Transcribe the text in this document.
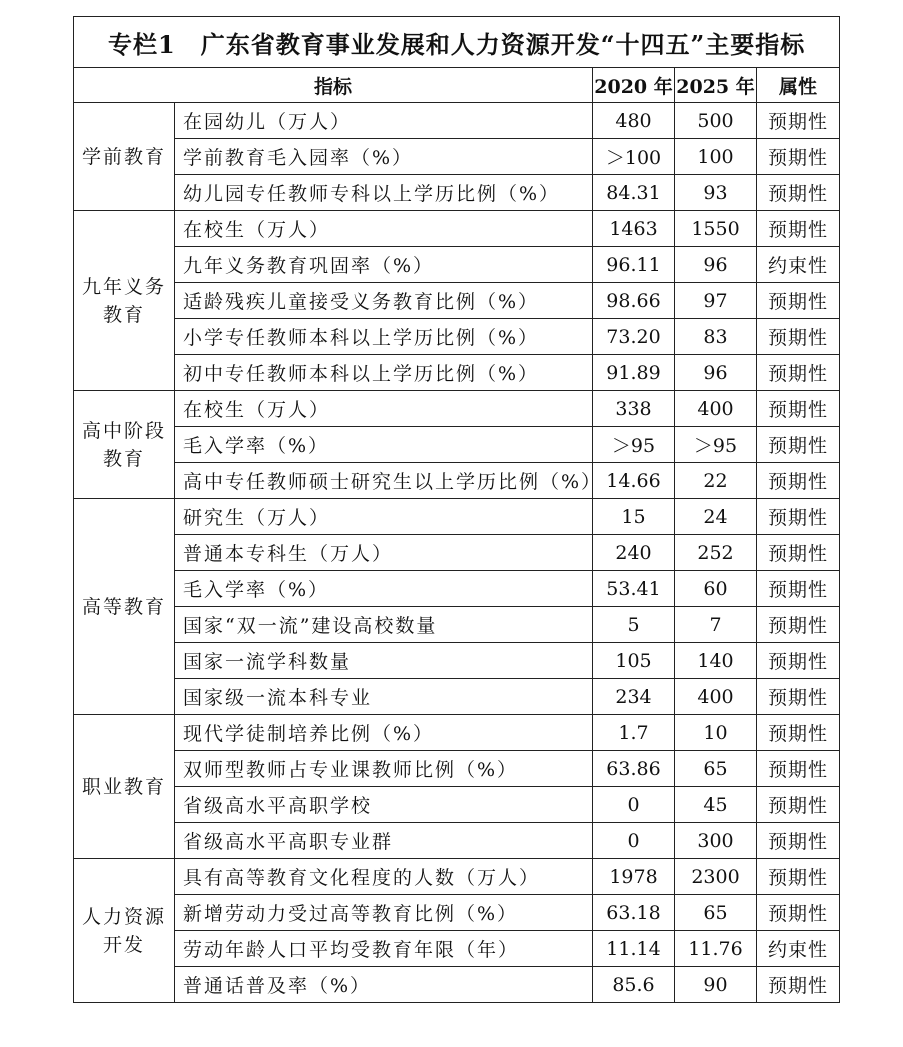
专栏1　广东省教育事业发展和人力资源开发“十四五”主要指标				
指标		2020 年	2025 年	属性
学前教育	在园幼儿（万人）	480	500	预期性
	学前教育毛入园率（%）	＞100	100	预期性
	幼儿园专任教师专科以上学历比例（%）	84.31	93	预期性
九年义务教育	在校生（万人）	1463	1550	预期性
	九年义务教育巩固率（%）	96.11	96	约束性
	适龄残疾儿童接受义务教育比例（%）	98.66	97	预期性
	小学专任教师本科以上学历比例（%）	73.20	83	预期性
	初中专任教师本科以上学历比例（%）	91.89	96	预期性
高中阶段教育	在校生（万人）	338	400	预期性
	毛入学率（%）	＞95	＞95	预期性
	高中专任教师硕士研究生以上学历比例（%）	14.66	22	预期性
高等教育	研究生（万人）	15	24	预期性
	普通本专科生（万人）	240	252	预期性
	毛入学率（%）	53.41	60	预期性
	国家“双一流”建设高校数量	5	7	预期性
	国家一流学科数量	105	140	预期性
	国家级一流本科专业	234	400	预期性
职业教育	现代学徒制培养比例（%）	1.7	10	预期性
	双师型教师占专业课教师比例（%）	63.86	65	预期性
	省级高水平高职学校	0	45	预期性
	省级高水平高职专业群	0	300	预期性
人力资源开发	具有高等教育文化程度的人数（万人）	1978	2300	预期性
	新增劳动力受过高等教育比例（%）	63.18	65	预期性
	劳动年龄人口平均受教育年限（年）	11.14	11.76	约束性
	普通话普及率（%）	85.6	90	预期性
